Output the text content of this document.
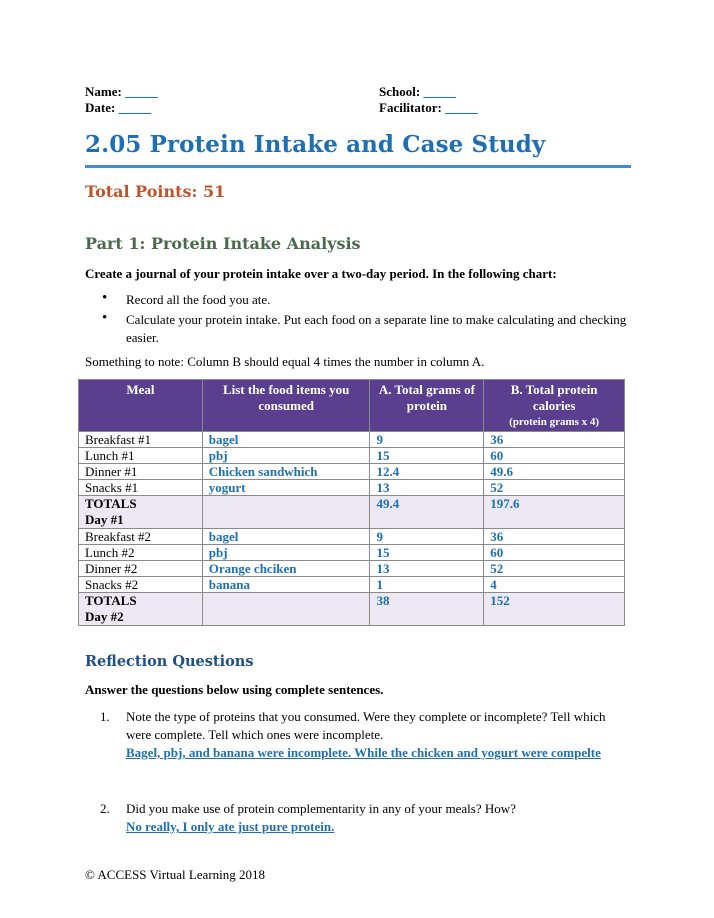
Name: _____
Date: _____
School: _____
Facilitator: _____
2.05 Protein Intake and Case Study
Total Points: 51
Part 1: Protein Intake Analysis
Create a journal of your protein intake over a two-day period. In the following chart:
• Record all the food you ate.
• Calculate your protein intake. Put each food on a separate line to make calculating and checking easier.
Something to note: Column B should equal 4 times the number in column A.
Meal	List the food items you consumed	A. Total grams of protein	B. Total protein calories
(protein grams x 4)

Breakfast #1	bagel	9	36
Lunch #1	pbj	15	60
Dinner #1	Chicken sandwhich	12.4	49.6
Snacks #1	yogurt	13	52

TOTALS
Day #1		49.4	197.6
Breakfast #2	bagel	9	36
Lunch #2	pbj	15	60
Dinner #2	Orange chciken	13	52
Snacks #2	banana	1	4

TOTALS
Day #2		38	152
Reflection Questions
Answer the questions below using complete sentences.
1. Note the type of proteins that you consumed. Were they complete or incomplete? Tell which were complete. Tell which ones were incomplete.
Bagel, pbj, and banana were incomplete. While the chicken and yogurt were compelte
2. Did you make use of protein complementarity in any of your meals? How?
No really, I only ate just pure protein.
© ACCESS Virtual Learning 2018
